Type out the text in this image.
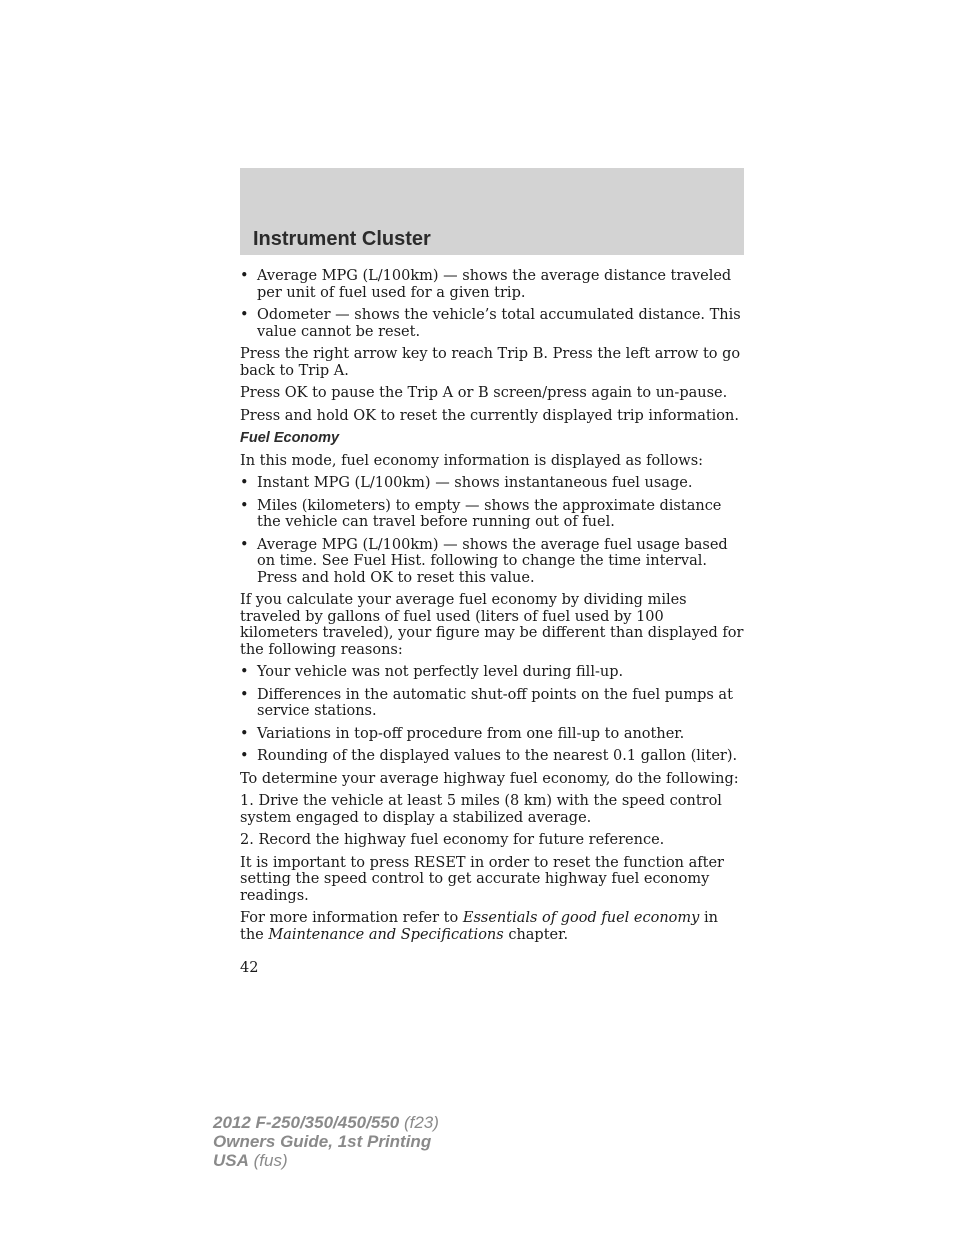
Instrument Cluster
• Average MPG (L/100km) — shows the average distance traveled per unit of fuel used for a given trip.
• Odometer — shows the vehicle’s total accumulated distance. This value cannot be reset.

Press the right arrow key to reach Trip B. Press the left arrow to go back to Trip A.

Press OK to pause the Trip A or B screen/press again to un-pause.

Press and hold OK to reset the currently displayed trip information.

Fuel Economy

In this mode, fuel economy information is displayed as follows:

• Instant MPG (L/100km) — shows instantaneous fuel usage.
• Miles (kilometers) to empty — shows the approximate distance the vehicle can travel before running out of fuel.
• Average MPG (L/100km) — shows the average fuel usage based on time. See Fuel Hist. following to change the time interval. Press and hold OK to reset this value.

If you calculate your average fuel economy by dividing miles traveled by gallons of fuel used (liters of fuel used by 100 kilometers traveled), your figure may be different than displayed for the following reasons:

• Your vehicle was not perfectly level during fill-up.
• Differences in the automatic shut-off points on the fuel pumps at service stations.
• Variations in top-off procedure from one fill-up to another.
• Rounding of the displayed values to the nearest 0.1 gallon (liter).

To determine your average highway fuel economy, do the following:

1. Drive the vehicle at least 5 miles (8 km) with the speed control system engaged to display a stabilized average.

2. Record the highway fuel economy for future reference.

It is important to press RESET in order to reset the function after setting the speed control to get accurate highway fuel economy readings.

For more information refer to Essentials of good fuel economy in the Maintenance and Specifications chapter.

42
2012 F-250/350/450/550 (f23)
Owners Guide, 1st Printing
USA (fus)
